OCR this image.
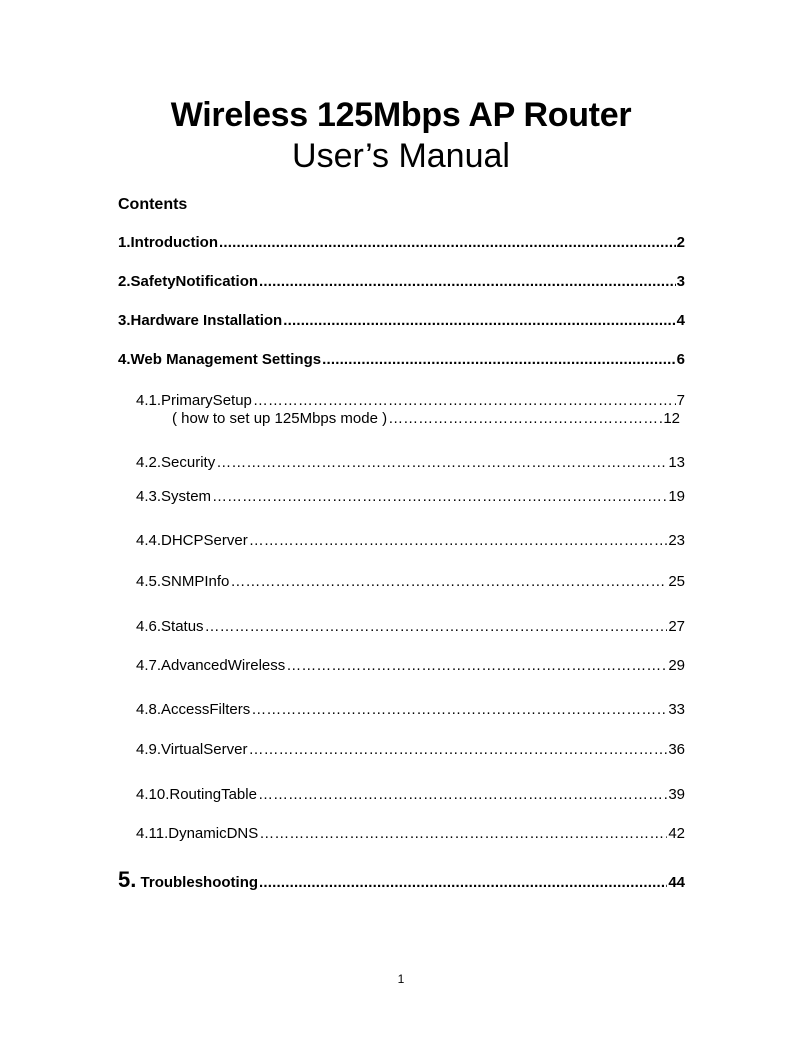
Wireless 125Mbps AP Router
User’s Manual
Contents
1.Introduction .....	2
2.SafetyNotification .....	3
3.Hardware Installation .....	4
4.Web Management Settings .....	6
4.1.PrimarySetup ……………………………………………………………………………………………………………………………………………………	7
( how to set up 125Mbps mode ) ……………………………………………………………………………………………………………………………………………………	12
4.2.Security ……………………………………………………………………………………………………………………………………………………	13
4.3.System ……………………………………………………………………………………………………………………………………………………	19
4.4.DHCPServer ……………………………………………………………………………………………………………………………………………………	23
4.5.SNMPInfo ……………………………………………………………………………………………………………………………………………………	25
4.6.Status ……………………………………………………………………………………………………………………………………………………	27
4.7.AdvancedWireless ……………………………………………………………………………………………………………………………………………………	29
4.8.AccessFilters ……………………………………………………………………………………………………………………………………………………	33
4.9.VirtualServer ……………………………………………………………………………………………………………………………………………………	36
4.10.RoutingTable ……………………………………………………………………………………………………………………………………………………	39
4.11.DynamicDNS ……………………………………………………………………………………………………………………………………………………	42
5. Troubleshooting .....	44
1
